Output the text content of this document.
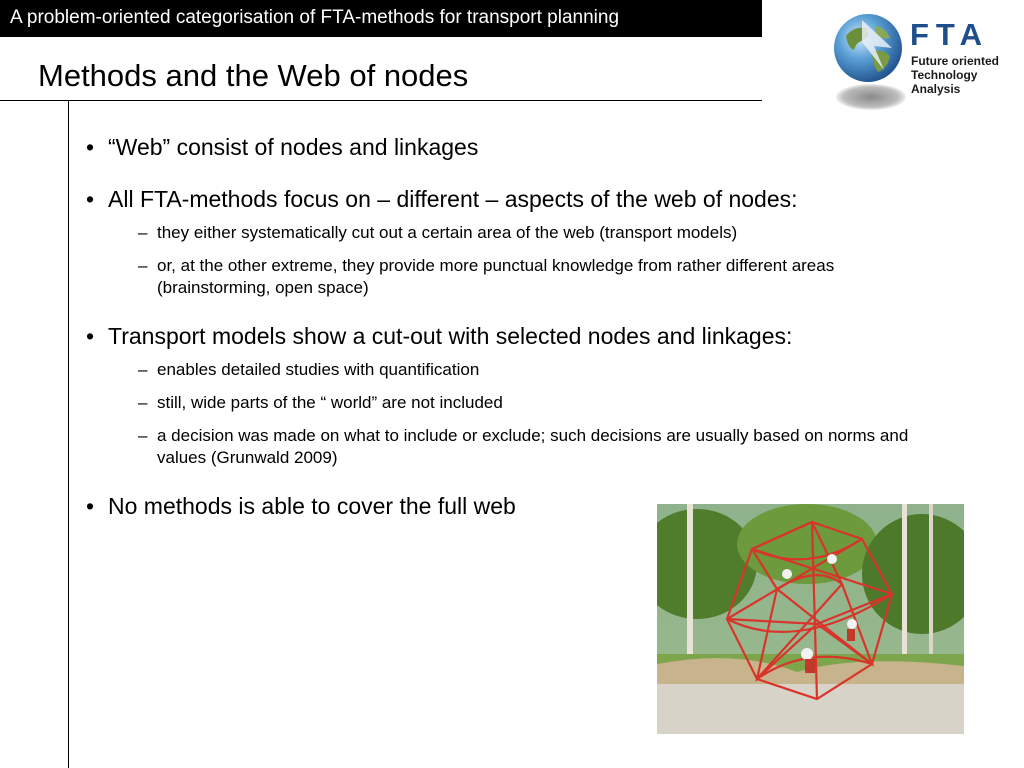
A problem-oriented categorisation of FTA-methods for transport planning
Methods and the Web of nodes
FTA
Future oriented
Technology
Analysis
• “Web” consist of nodes and linkages
• All FTA-methods focus on – different – aspects of the web of nodes:
– they either systematically cut out a certain area of the web (transport models)
– or, at the other extreme, they provide more punctual knowledge from rather different areas (brainstorming, open space)
• Transport models show a cut-out with selected nodes and linkages:
– enables detailed studies with quantification
– still, wide parts of the “ world” are not included
– a decision was made on what to include or exclude; such decisions are usually based on norms and values (Grunwald 2009)
• No methods is able to cover the full web
